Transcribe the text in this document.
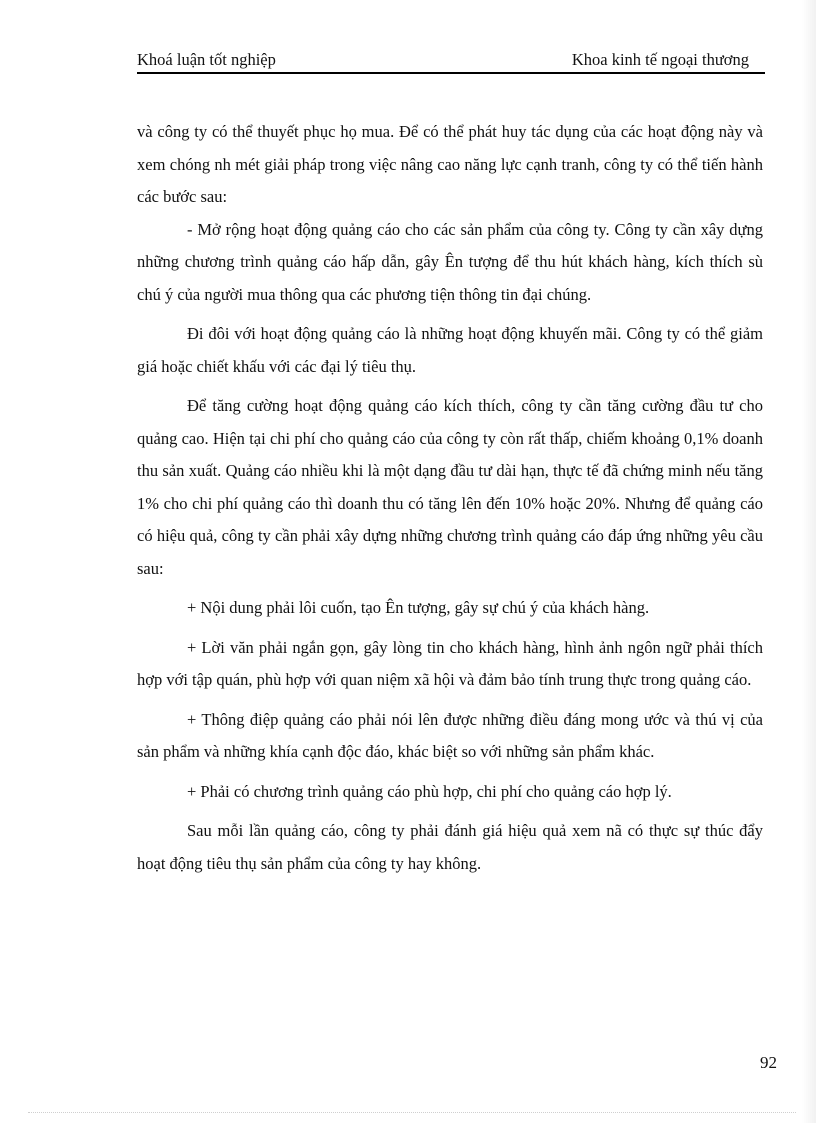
Khoá luận tốt nghiệp	Khoa kinh tế ngoại thương

và công ty có thể thuyết phục họ mua. Để có thể phát huy tác dụng của các hoạt động này và xem chóng nh mét giải pháp trong việc nâng cao năng lực cạnh tranh, công ty có thể tiến hành các bước sau:

- Mở rộng hoạt động quảng cáo cho các sản phẩm của công ty. Công ty cần xây dựng những chương trình quảng cáo hấp dẫn, gây Ên tượng để thu hút khách hàng, kích thích sù chú ý của người mua thông qua các phương tiện thông tin đại chúng.

Đi đôi với hoạt động quảng cáo là những hoạt động khuyến mãi. Công ty có thể giảm giá hoặc chiết khấu với các đại lý tiêu thụ.

Để tăng cường hoạt động quảng cáo kích thích, công ty cần tăng cường đầu tư cho quảng cao. Hiện tại chi phí cho quảng cáo của công ty còn rất thấp, chiếm khoảng 0,1% doanh thu sản xuất. Quảng cáo nhiều khi là một dạng đầu tư dài hạn, thực tế đã chứng minh nếu tăng 1% cho chi phí quảng cáo thì doanh thu có tăng lên đến 10% hoặc 20%. Nhưng để quảng cáo có hiệu quả, công ty cần phải xây dựng những chương trình quảng cáo đáp ứng những yêu cầu sau:

+ Nội dung phải lôi cuốn, tạo Ên tượng, gây sự chú ý của khách hàng.

+ Lời văn phải ngắn gọn, gây lòng tin cho khách hàng, hình ảnh ngôn ngữ phải thích hợp với tập quán, phù hợp với quan niệm xã hội và đảm bảo tính trung thực trong quảng cáo.

+ Thông điệp quảng cáo phải nói lên được những điều đáng mong ước và thú vị của sản phẩm và những khía cạnh độc đáo, khác biệt so với những sản phẩm khác.

+ Phải có chương trình quảng cáo phù hợp, chi phí cho quảng cáo hợp lý.

Sau mỗi lần quảng cáo, công ty phải đánh giá hiệu quả xem nã có thực sự thúc đẩy hoạt động tiêu thụ sản phẩm của công ty hay không.

92
